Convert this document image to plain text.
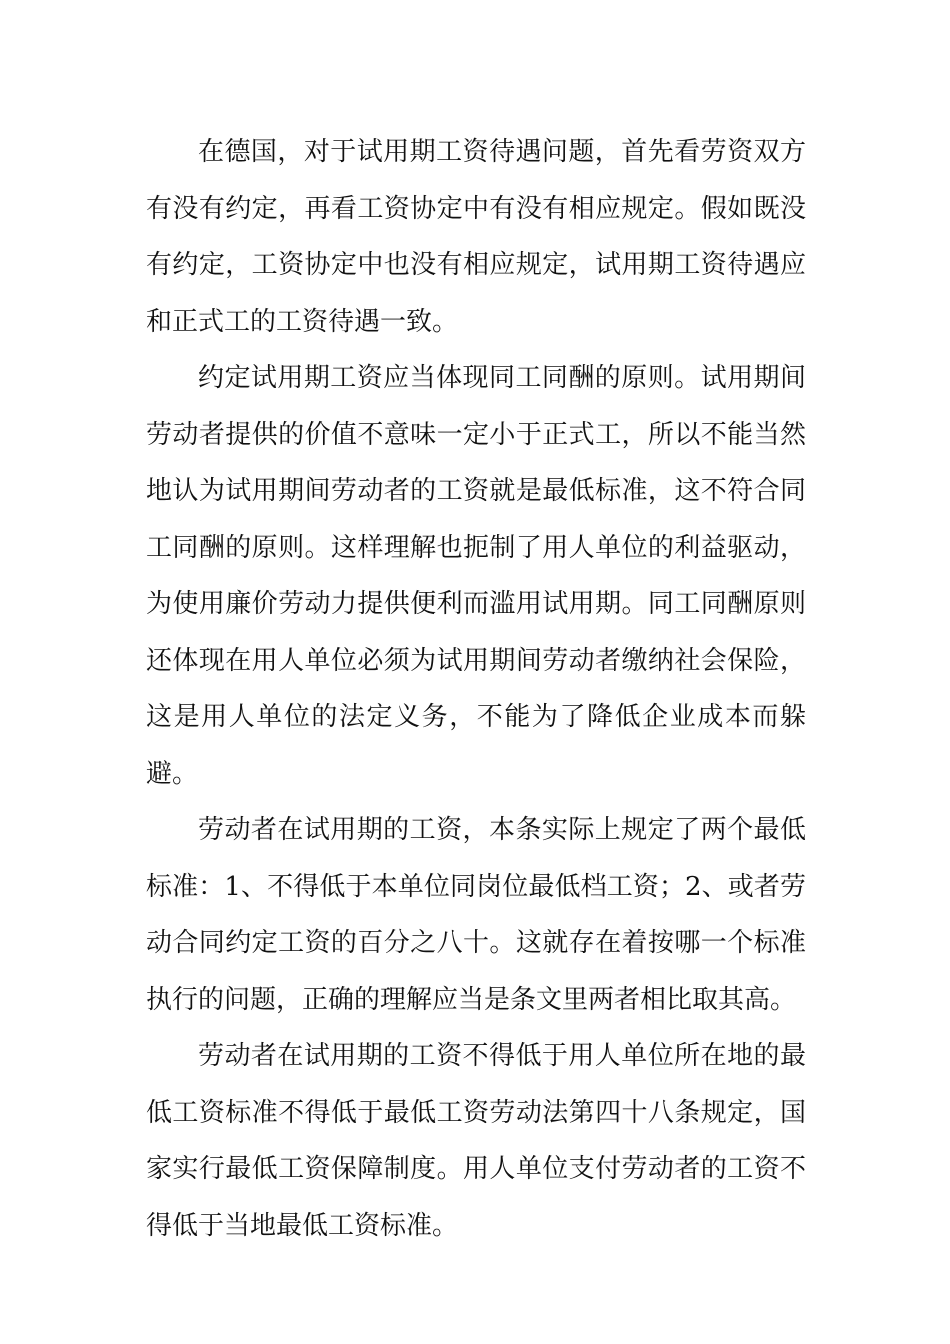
在德国，对于试用期工资待遇问题，首先看劳资双方有没有约定，再看工资协定中有没有相应规定。假如既没有约定，工资协定中也没有相应规定，试用期工资待遇应和正式工的工资待遇一致。

约定试用期工资应当体现同工同酬的原则。试用期间劳动者提供的价值不意味一定小于正式工，所以不能当然地认为试用期间劳动者的工资就是最低标准，这不符合同工同酬的原则。这样理解也扼制了用人单位的利益驱动，为使用廉价劳动力提供便利而滥用试用期。同工同酬原则还体现在用人单位必须为试用期间劳动者缴纳社会保险，这是用人单位的法定义务，不能为了降低企业成本而躲避。

劳动者在试用期的工资，本条实际上规定了两个最低标准：1、不得低于本单位同岗位最低档工资；2、或者劳动合同约定工资的百分之八十。这就存在着按哪一个标准执行的问题，正确的理解应当是条文里两者相比取其高。

劳动者在试用期的工资不得低于用人单位所在地的最低工资标准不得低于最低工资劳动法第四十八条规定，国家实行最低工资保障制度。用人单位支付劳动者的工资不得低于当地最低工资标准。
